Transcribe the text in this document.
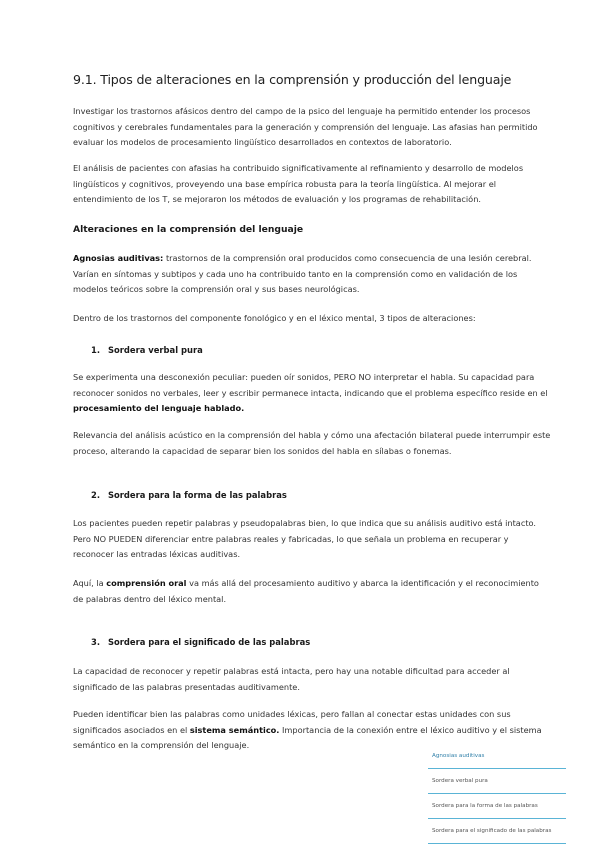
9.1. Tipos de alteraciones en la comprensión y producción del lenguaje

Investigar los trastornos afásicos dentro del campo de la psico del lenguaje ha permitido entender los procesos cognitivos y cerebrales fundamentales para la generación y comprensión del lenguaje. Las afasias han permitido evaluar los modelos de procesamiento lingüístico desarrollados en contextos de laboratorio.

El análisis de pacientes con afasias ha contribuido significativamente al refinamiento y desarrollo de modelos lingüísticos y cognitivos, proveyendo una base empírica robusta para la teoría lingüística. Al mejorar el entendimiento de los T, se mejoraron los métodos de evaluación y los programas de rehabilitación.

Alteraciones en la comprensión del lenguaje

Agnosias auditivas: trastornos de la comprensión oral producidos como consecuencia de una lesión cerebral. Varían en síntomas y subtipos y cada uno ha contribuido tanto en la comprensión como en validación de los modelos teóricos sobre la comprensión oral y sus bases neurológicas.

Dentro de los trastornos del componente fonológico y en el léxico mental, 3 tipos de alteraciones:

1. Sordera verbal pura

Se experimenta una desconexión peculiar: pueden oír sonidos, PERO NO interpretar el habla. Su capacidad para reconocer sonidos no verbales, leer y escribir permanece intacta, indicando que el problema específico reside en el procesamiento del lenguaje hablado.

Relevancia del análisis acústico en la comprensión del habla y cómo una afectación bilateral puede interrumpir este proceso, alterando la capacidad de separar bien los sonidos del habla en sílabas o fonemas.

2. Sordera para la forma de las palabras

Los pacientes pueden repetir palabras y pseudopalabras bien, lo que indica que su análisis auditivo está intacto. Pero NO PUEDEN diferenciar entre palabras reales y fabricadas, lo que señala un problema en recuperar y reconocer las entradas léxicas auditivas.

Aquí, la comprensión oral va más allá del procesamiento auditivo y abarca la identificación y el reconocimiento de palabras dentro del léxico mental.

3. Sordera para el significado de las palabras

La capacidad de reconocer y repetir palabras está intacta, pero hay una notable dificultad para acceder al significado de las palabras presentadas auditivamente.

Pueden identificar bien las palabras como unidades léxicas, pero fallan al conectar estas unidades con sus significados asociados en el sistema semántico. Importancia de la conexión entre el léxico auditivo y el sistema semántico en la comprensión del lenguaje.

Agnosias auditivas
Sordera verbal pura
Sordera para la forma de las palabras
Sordera para el significado de las palabras
